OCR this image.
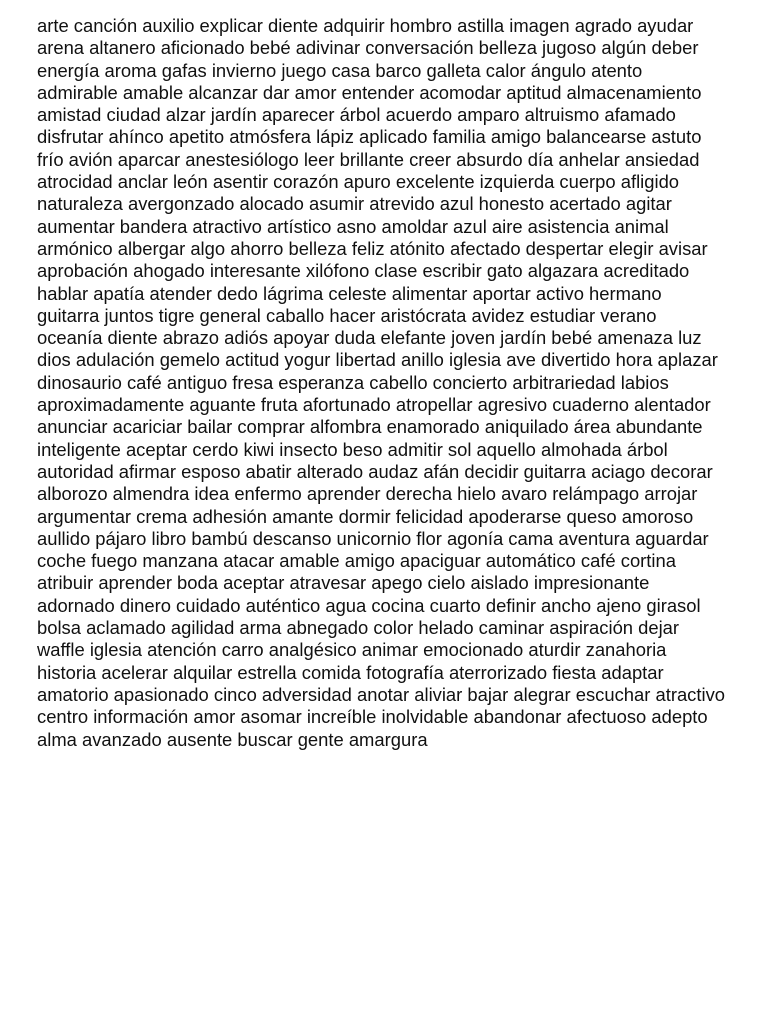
arte canción auxilio explicar diente adquirir hombro astilla imagen agrado ayudar
arena altanero aficionado bebé adivinar conversación belleza jugoso algún deber
energía aroma gafas invierno juego casa barco galleta calor ángulo atento
admirable amable alcanzar dar amor entender acomodar aptitud almacenamiento
amistad ciudad alzar jardín aparecer árbol acuerdo amparo altruismo afamado
disfrutar ahínco apetito atmósfera lápiz aplicado familia amigo balancearse astuto
frío avión aparcar anestesiólogo leer brillante creer absurdo día anhelar ansiedad
atrocidad anclar león asentir corazón apuro excelente izquierda cuerpo afligido
naturaleza avergonzado alocado asumir atrevido azul honesto acertado agitar
aumentar bandera atractivo artístico asno amoldar azul aire asistencia animal
armónico albergar algo ahorro belleza feliz atónito afectado despertar elegir avisar
aprobación ahogado interesante xilófono clase escribir gato algazara acreditado
hablar apatía atender dedo lágrima celeste alimentar aportar activo hermano
guitarra juntos tigre general caballo hacer aristócrata avidez estudiar verano
oceanía diente abrazo adiós apoyar duda elefante joven jardín bebé amenaza luz
dios adulación gemelo actitud yogur libertad anillo iglesia ave divertido hora aplazar
dinosaurio café antiguo fresa esperanza cabello concierto arbitrariedad labios
aproximadamente aguante fruta afortunado atropellar agresivo cuaderno alentador
anunciar acariciar bailar comprar alfombra enamorado aniquilado área abundante
inteligente aceptar cerdo kiwi insecto beso admitir sol aquello almohada árbol
autoridad afirmar esposo abatir alterado audaz afán decidir guitarra aciago decorar
alborozo almendra idea enfermo aprender derecha hielo avaro relámpago arrojar
argumentar crema adhesión amante dormir felicidad apoderarse queso amoroso
aullido pájaro libro bambú descanso unicornio flor agonía cama aventura aguardar
coche fuego manzana atacar amable amigo apaciguar automático café cortina
atribuir aprender boda aceptar atravesar apego cielo aislado impresionante
adornado dinero cuidado auténtico agua cocina cuarto definir ancho ajeno girasol
bolsa aclamado agilidad arma abnegado color helado caminar aspiración dejar
waffle iglesia atención carro analgésico animar emocionado aturdir zanahoria
historia acelerar alquilar estrella comida fotografía aterrorizado fiesta adaptar
amatorio apasionado cinco adversidad anotar aliviar bajar alegrar escuchar atractivo
centro información amor asomar increíble inolvidable abandonar afectuoso adepto
alma avanzado ausente buscar gente amargura
